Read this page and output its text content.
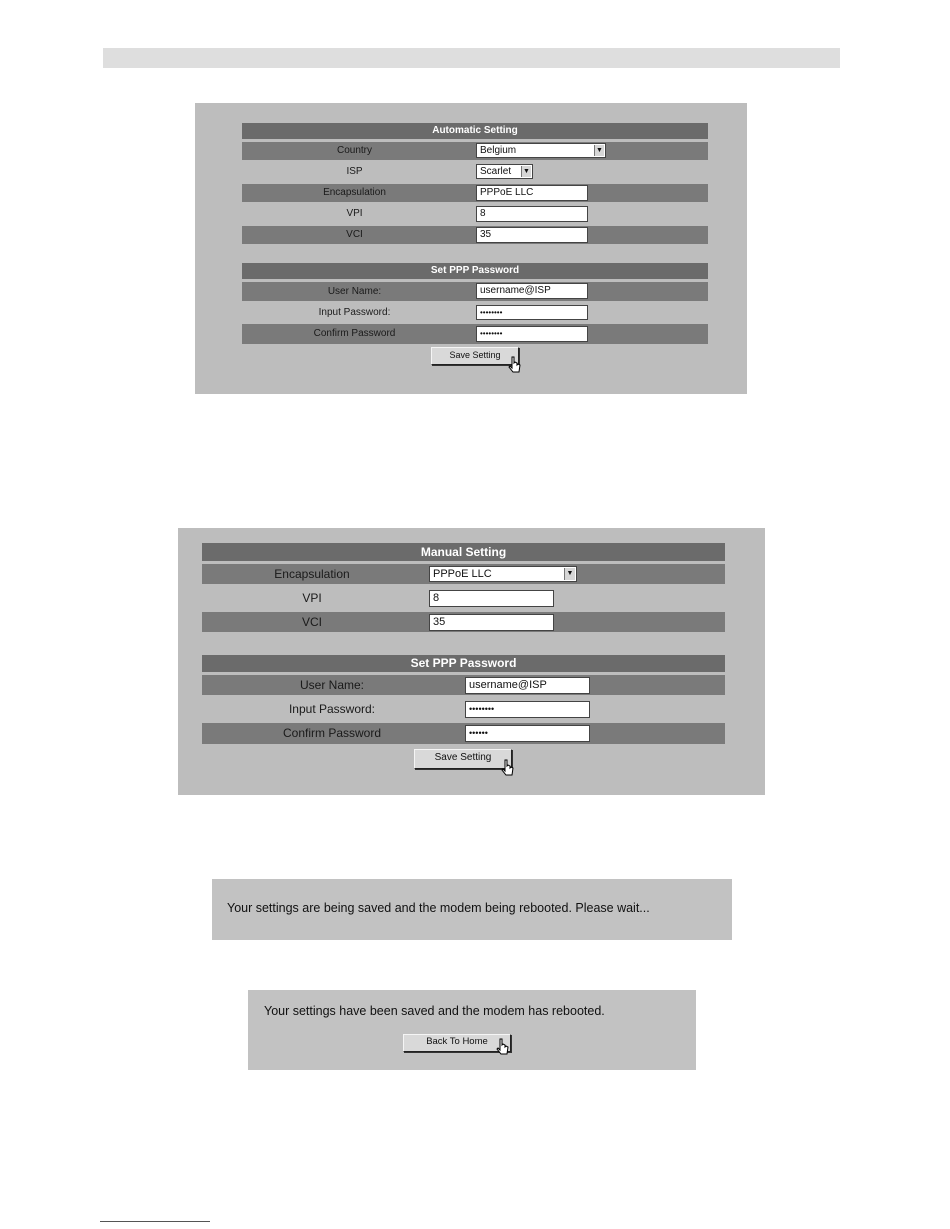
Automatic Setting
Country	Belgium	▼
ISP	Scarlet ▼
Encapsulation	PPPoE LLC
VPI	8
VCI	35
Set PPP Password
User Name:	username@ISP
Input Password:	••••••••
Confirm Password	••••••••
Save Setting
Manual Setting
Encapsulation	PPPoE LLC	▼
VPI	8
VCI	35
Set PPP Password
User Name:	username@ISP
Input Password:	••••••••
Confirm Password	••••••
Save Setting
Your settings are being saved and the modem being rebooted. Please wait...
Your settings have been saved and the modem has rebooted.
Back To Home
